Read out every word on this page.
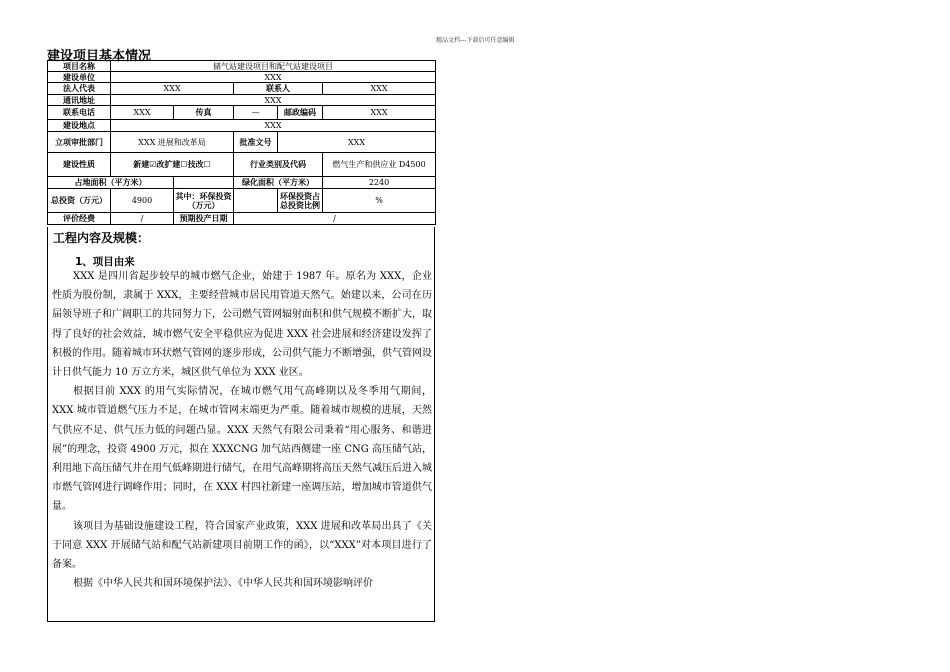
精品文档---下载后可任意编辑
建设项目基本情况
项目名称	储气站建设项目和配气站建设项目				
建设单位	XXX				
法人代表	XXX		联系人		XXX
通讯地址	XXX				
联系电话	XXX	传真	—	邮政编码	XXX
建设地点	XXX				
立项审批部门	XXX 进展和改革局		批准文号	XXX	
建设性质	新建☑改扩建☐技改☐		行业类别及代码		燃气生产和供应业 D4500
占地面积（平方米）			绿化面积（平方米）		2240
总投资（万元）	4900	其中：环保投资（万元）		环保投资占总投资比例	%
评价经费	/	预期投产日期	/		
工程内容及规模：
1、项目由来

XXX 是四川省起步较早的城市燃气企业，始建于 1987 年。原名为 XXX，企业性质为股份制，隶属于 XXX，主要经营城市居民用管道天然气。始建以来，公司在历届领导班子和广阔职工的共同努力下，公司燃气管网辐射面积和供气规模不断扩大，取得了良好的社会效益，城市燃气安全平稳供应为促进 XXX 社会进展和经济建设发挥了积极的作用。随着城市环状燃气管网的逐步形成，公司供气能力不断增强，供气管网设计日供气能力 10 万立方米，城区供气单位为 XXX 业区。

根据目前 XXX 的用气实际情况，在城市燃气用气高峰期以及冬季用气期间，XXX 城市管道燃气压力不足，在城市管网末端更为严重。随着城市规模的进展，天然气供应不足、供气压力低的问题凸显。XXX 天然气有限公司秉着“用心服务、和谐进展”的理念，投资 4900 万元，拟在 XXXCNG 加气站西侧建一座 CNG 高压储气站，利用地下高压储气井在用气低峰期进行储气，在用气高峰期将高压天然气减压后进入城市燃气管网进行调峰作用；同时，在 XXX 村四社新建一座调压站，增加城市管道供气量。

该项目为基础设施建设工程，符合国家产业政策，XXX 进展和改革局出具了《关于同意 XXX 开展储气站和配气站新建项目前期工作的函》，以“XXX”对本项目进行了备案。

根据《中华人民共和国环境保护法》、《中华人民共和国环境影响评价
